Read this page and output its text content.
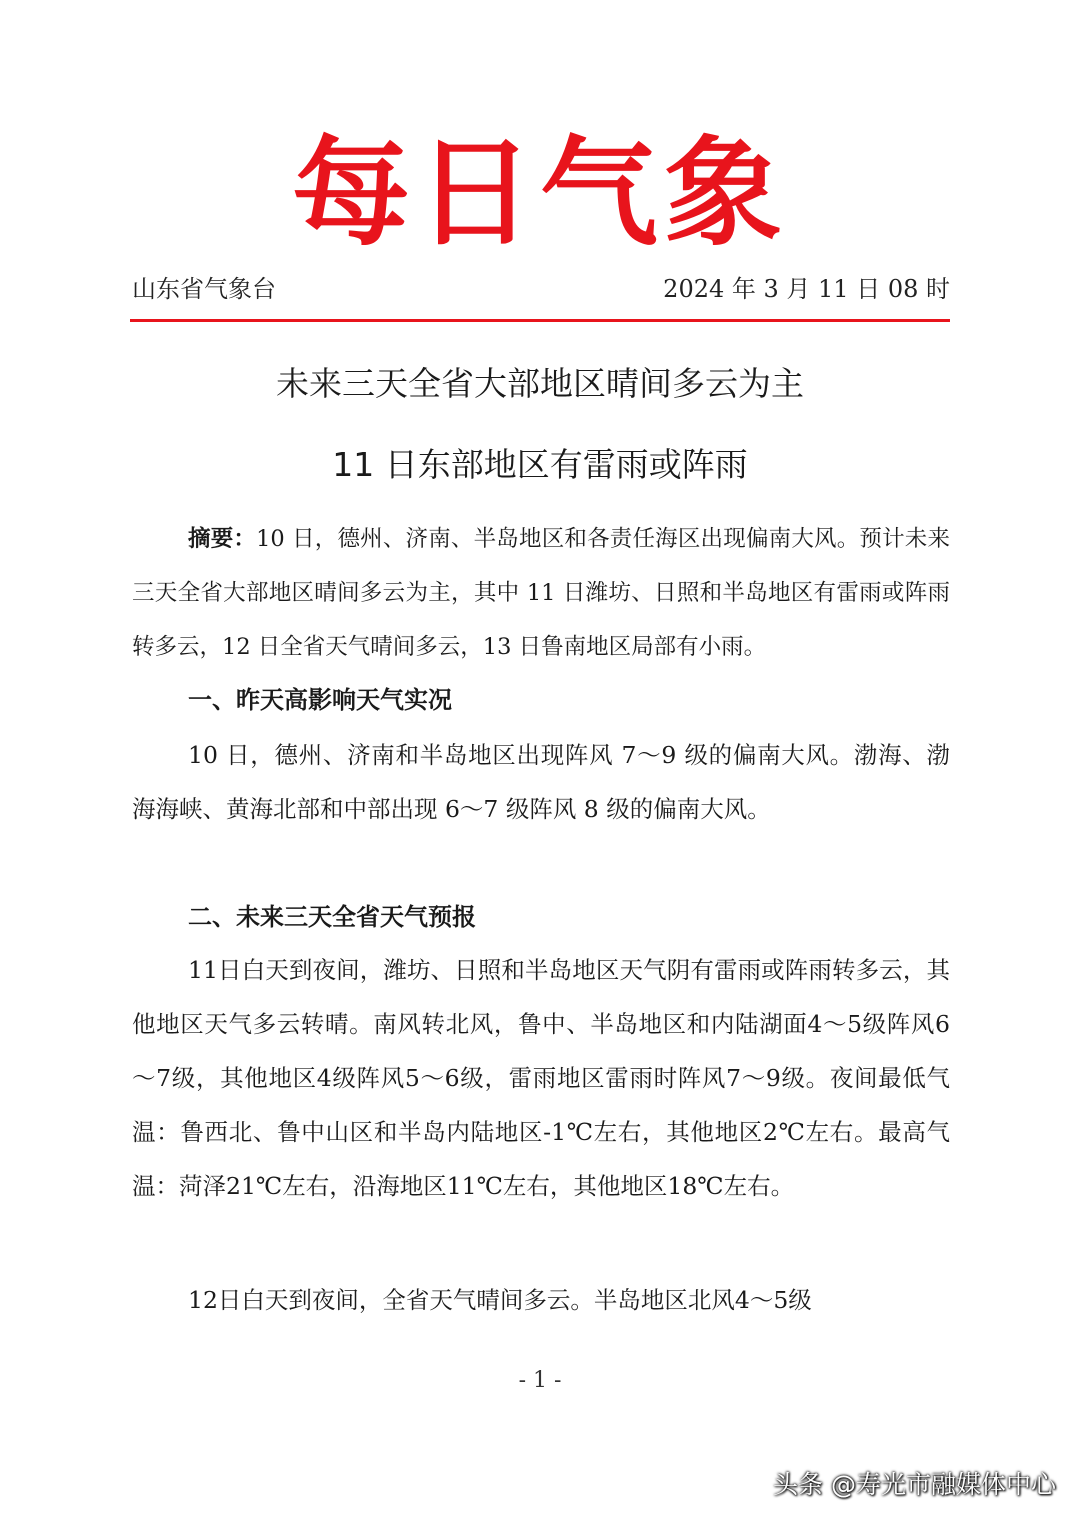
每日气象
山东省气象台	2024 年 3 月 11 日 08 时
未来三天全省大部地区晴间多云为主
11 日东部地区有雷雨或阵雨

摘要：10 日，德州、济南、半岛地区和各责任海区出现偏南大风。预计未来三天全省大部地区晴间多云为主，其中 11 日潍坊、日照和半岛地区有雷雨或阵雨转多云，12 日全省天气晴间多云，13 日鲁南地区局部有小雨。

一、昨天高影响天气实况

10 日，德州、济南和半岛地区出现阵风 7～9 级的偏南大风。渤海、渤海海峡、黄海北部和中部出现 6～7 级阵风 8 级的偏南大风。

二、未来三天全省天气预报

11日白天到夜间，潍坊、日照和半岛地区天气阴有雷雨或阵雨转多云，其他地区天气多云转晴。南风转北风，鲁中、半岛地区和内陆湖面4～5级阵风6～7级，其他地区4级阵风5～6级，雷雨地区雷雨时阵风7～9级。夜间最低气温：鲁西北、鲁中山区和半岛内陆地区-1℃左右，其他地区2℃左右。最高气温：菏泽21℃左右，沿海地区11℃左右，其他地区18℃左右。

12日白天到夜间，全省天气晴间多云。半岛地区北风4～5级

- 1 -
头条 @寿光市融媒体中心
